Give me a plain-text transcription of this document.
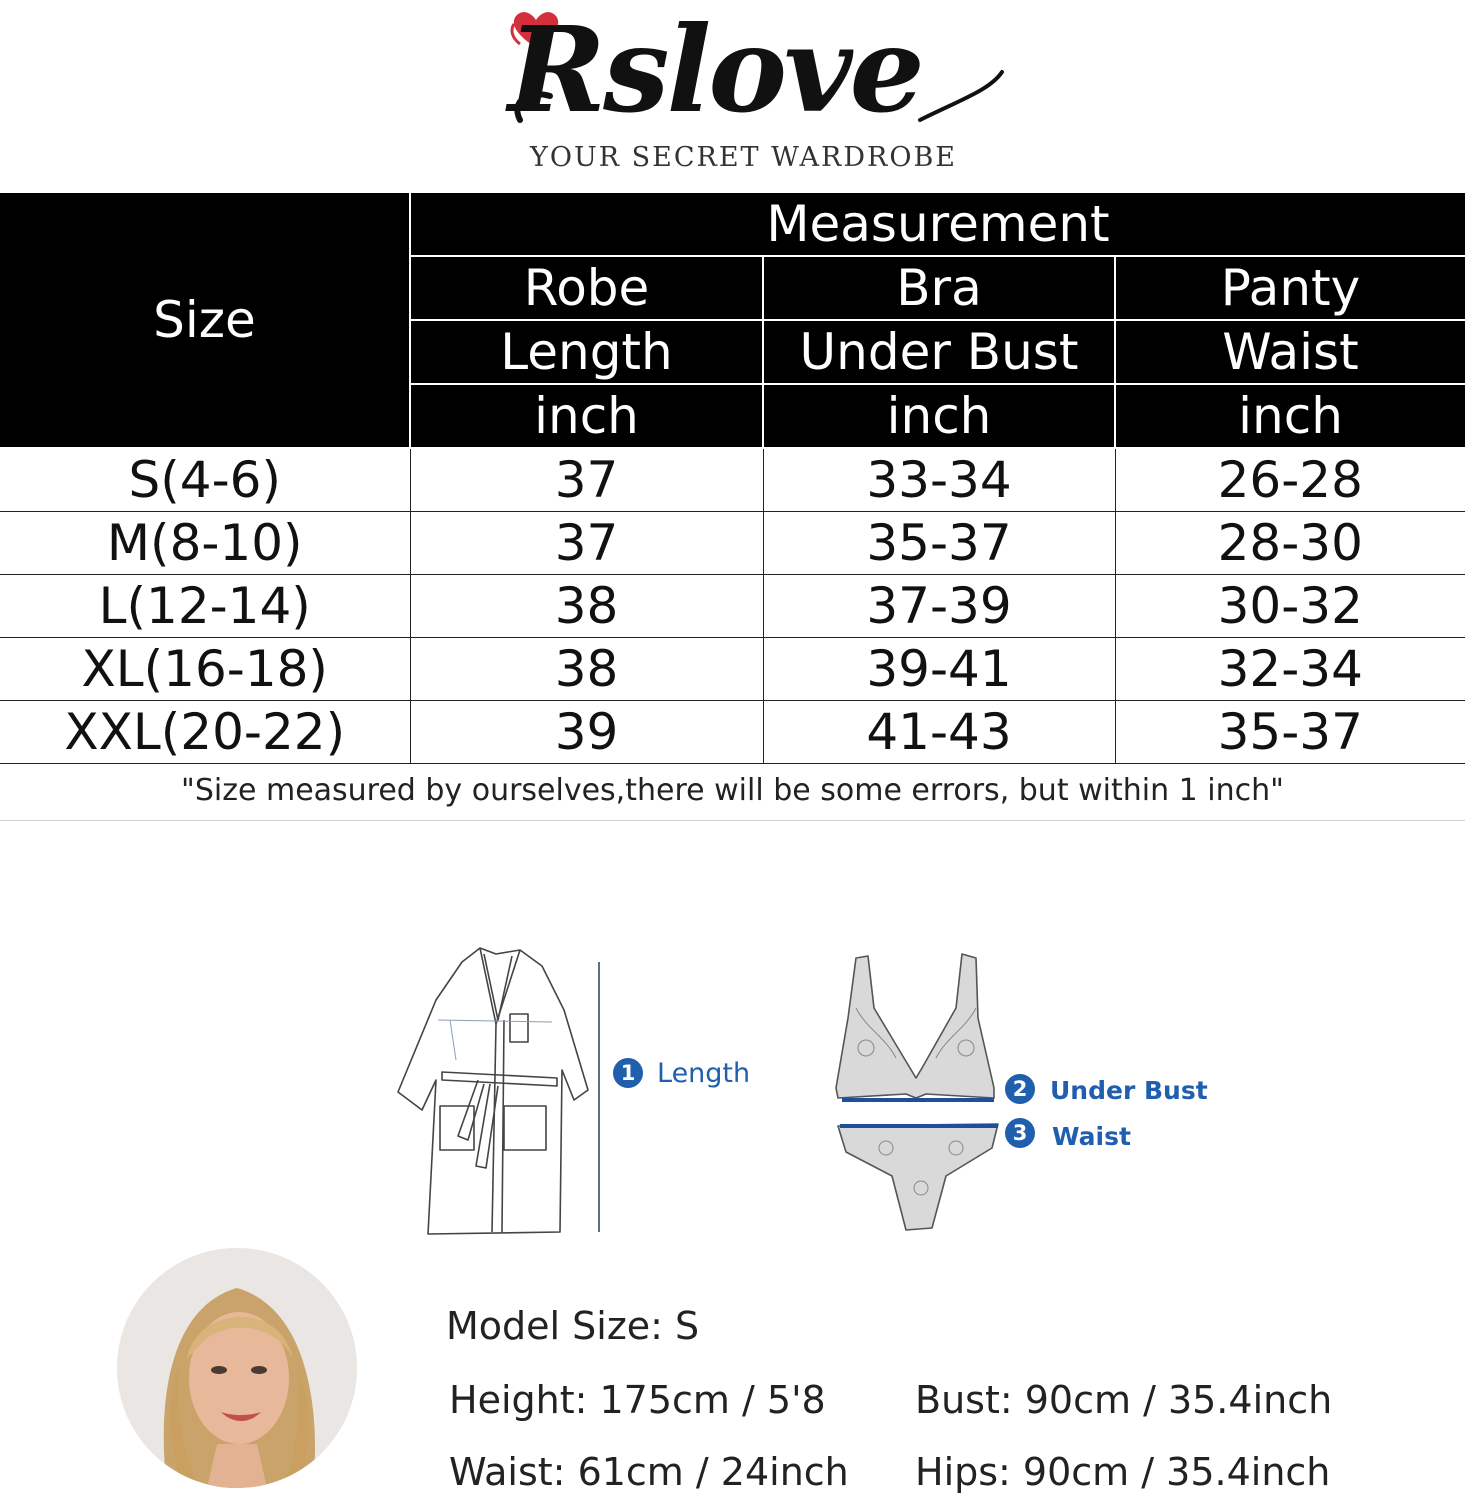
Rslove
YOUR SECRET WARDROBE
Size	Measurement		
	Robe	Bra	Panty
	Length	Under Bust	Waist
	inch	inch	inch
S(4-6)	37	33-34	26-28
M(8-10)	37	35-37	28-30
L(12-14)	38	37-39	30-32
XL(16-18)	38	39-41	32-34
XXL(20-22)	39	41-43	35-37
"Size measured by ourselves,there will be some errors, but within 1 inch"
1 Length	2 Under Bust
3 Waist
Model Size: S
Height: 175cm / 5'8 Bust: 90cm / 35.4inch
Waist: 61cm / 24inch Hips: 90cm / 35.4inch
